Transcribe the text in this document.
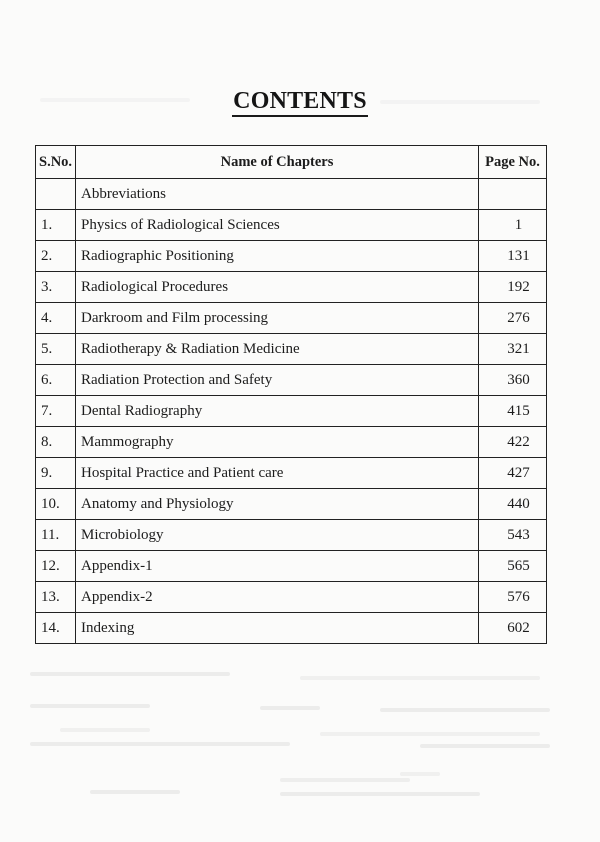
CONTENTS
S.No.	Name of Chapters	Page No.
	Abbreviations	
1.	Physics of Radiological Sciences	1
2.	Radiographic Positioning	131
3.	Radiological Procedures	192
4.	Darkroom and Film processing	276
5.	Radiotherapy & Radiation Medicine	321
6.	Radiation Protection and Safety	360
7.	Dental Radiography	415
8.	Mammography	422
9.	Hospital Practice and Patient care	427
10.	Anatomy and Physiology	440
11.	Microbiology	543
12.	Appendix-1	565
13.	Appendix-2	576
14.	Indexing	602
